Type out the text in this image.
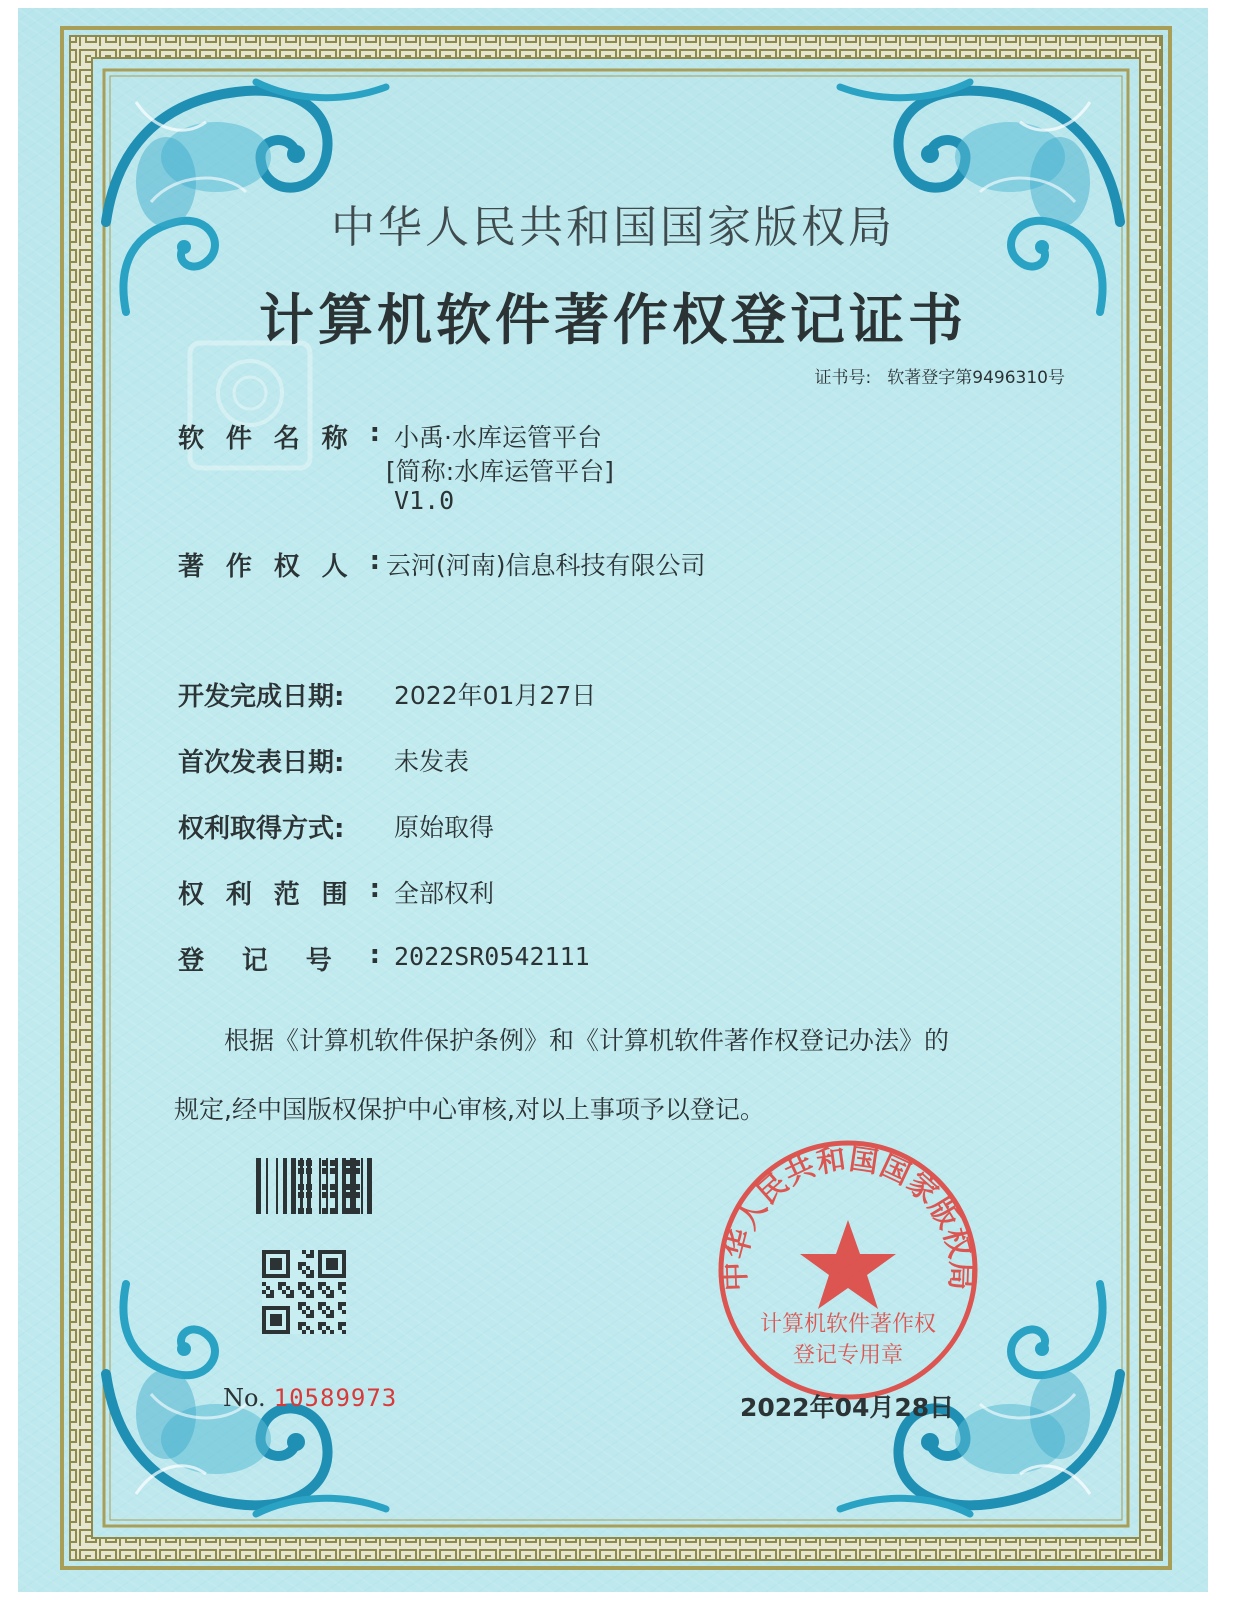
中华人民共和国国家版权局
计算机软件著作权
登记专用章
中华人民共和国国家版权局
计算机软件著作权登记证书
证书号: 软著登字第9496310号
软 件 名 称 : 小禹·水库运管平台
[简称:水库运管平台]
V1.0
著 作 权 人 : 云河(河南)信息科技有限公司
开发完成日期:	2022年01月27日
首次发表日期:	未发表
权利取得方式:	原始取得
权 利 范 围 : 全部权利
登 记 号 : 2022SR0542111
根据《计算机软件保护条例》和《计算机软件著作权登记办法》的
规定,经中国版权保护中心审核,对以上事项予以登记。
No. 10589973	2022年04月28日
